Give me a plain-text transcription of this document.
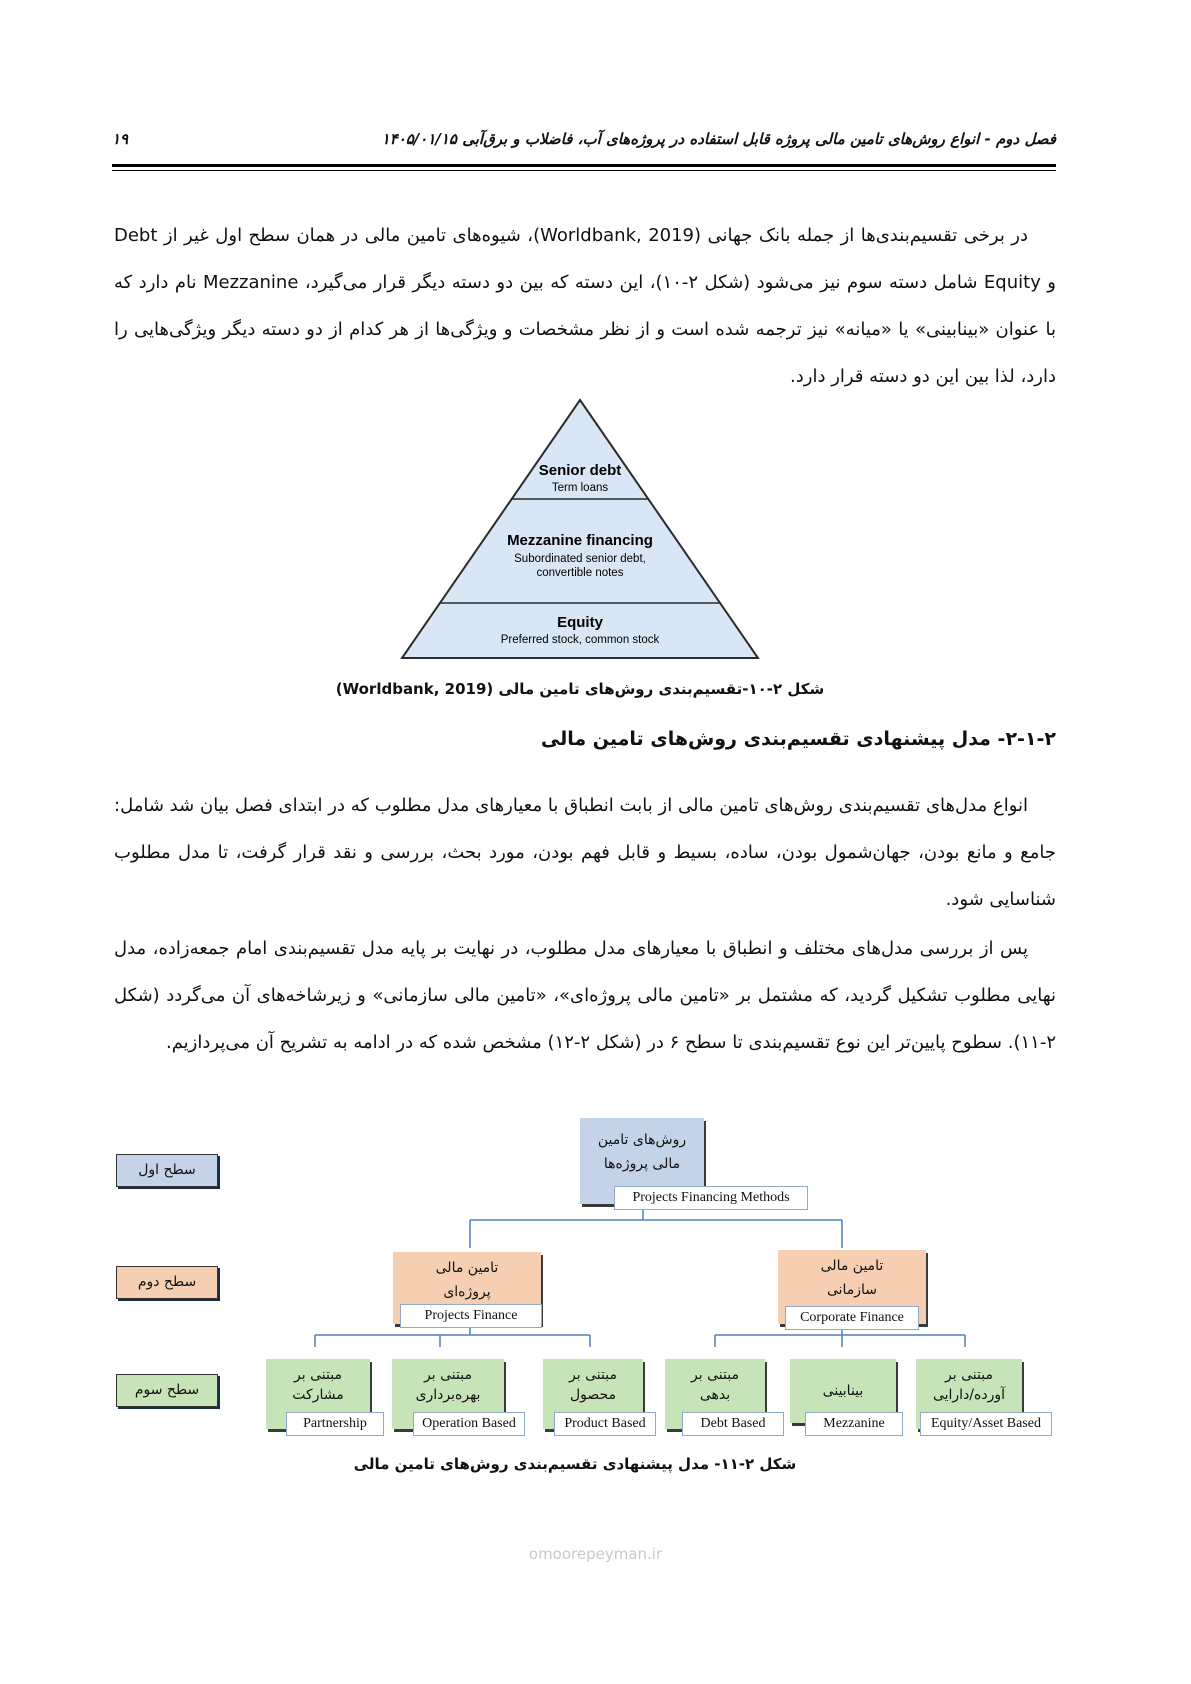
فصل دوم - انواع روش‌های تامین مالی پروژه قابل استفاده در پروژه‌های آب، فاضلاب و برق‌آبی ۱۴۰۵/۰۱/۱۵
۱۹
در برخی تقسیم‌بندی‌ها از جمله بانک جهانی (Worldbank, 2019)، شیوه‌های تامین مالی در همان سطح اول غیر از Debt و Equity شامل دسته سوم نیز می‌شود (شکل ۲-۱۰)، این دسته که بین دو دسته دیگر قرار می‌گیرد، Mezzanine نام دارد که با عنوان «بینابینی» یا «میانه» نیز ترجمه شده است و از نظر مشخصات و ویژگی‌ها از هر کدام از دو دسته دیگر ویژگی‌هایی را دارد، لذا بین این دو دسته قرار دارد.
Senior debt
Term loans
Mezzanine financing
Subordinated senior debt,
convertible notes
Equity
Preferred stock, common stock
شکل ۲-۱۰-تقسیم‌بندی روش‌های تامین مالی (Worldbank, 2019)
۲-۱-۲- مدل پیشنهادی تقسیم‌بندی روش‌های تامین مالی
انواع مدل‌های تقسیم‌بندی روش‌های تامین مالی از بابت انطباق با معیارهای مدل مطلوب که در ابتدای فصل بیان شد شامل: جامع و مانع بودن، جهان‌شمول بودن، ساده، بسیط و قابل فهم بودن، مورد بحث، بررسی و نقد قرار گرفت، تا مدل مطلوب شناسایی شود.
پس از بررسی مدل‌های مختلف و انطباق با معیارهای مدل مطلوب، در نهایت بر پایه مدل تقسیم‌بندی امام جمعه‌زاده، مدل نهایی مطلوب تشکیل گردید، که مشتمل بر «تامین مالی پروژه‌ای»، «تامین مالی سازمانی» و زیرشاخه‌های آن می‌گردد (شکل ۲-۱۱). سطوح پایین‌تر این نوع تقسیم‌بندی تا سطح ۶ در (شکل ۲-۱۲) مشخص شده که در ادامه به تشریح آن می‌پردازیم.
سطح اول
سطح دوم
سطح سوم
روش‌های تامین
مالی پروژه‌ها
Projects Financing Methods
تامین مالی
پروژه‌ای
Projects Finance
تامین مالی
سازمانی
Corporate Finance
مبتنی بر
مشارکت
Partnership
مبتنی بر
بهره‌برداری
Operation Based
مبتنی بر
محصول
Product Based
مبتنی بر
بدهی
Debt Based
بینابینی
Mezzanine
مبتنی بر
آورده/دارایی
Equity/Asset Based
شکل ۲-۱۱- مدل پیشنهادی تقسیم‌بندی روش‌های تامین مالی
omoorepeyman.ir
